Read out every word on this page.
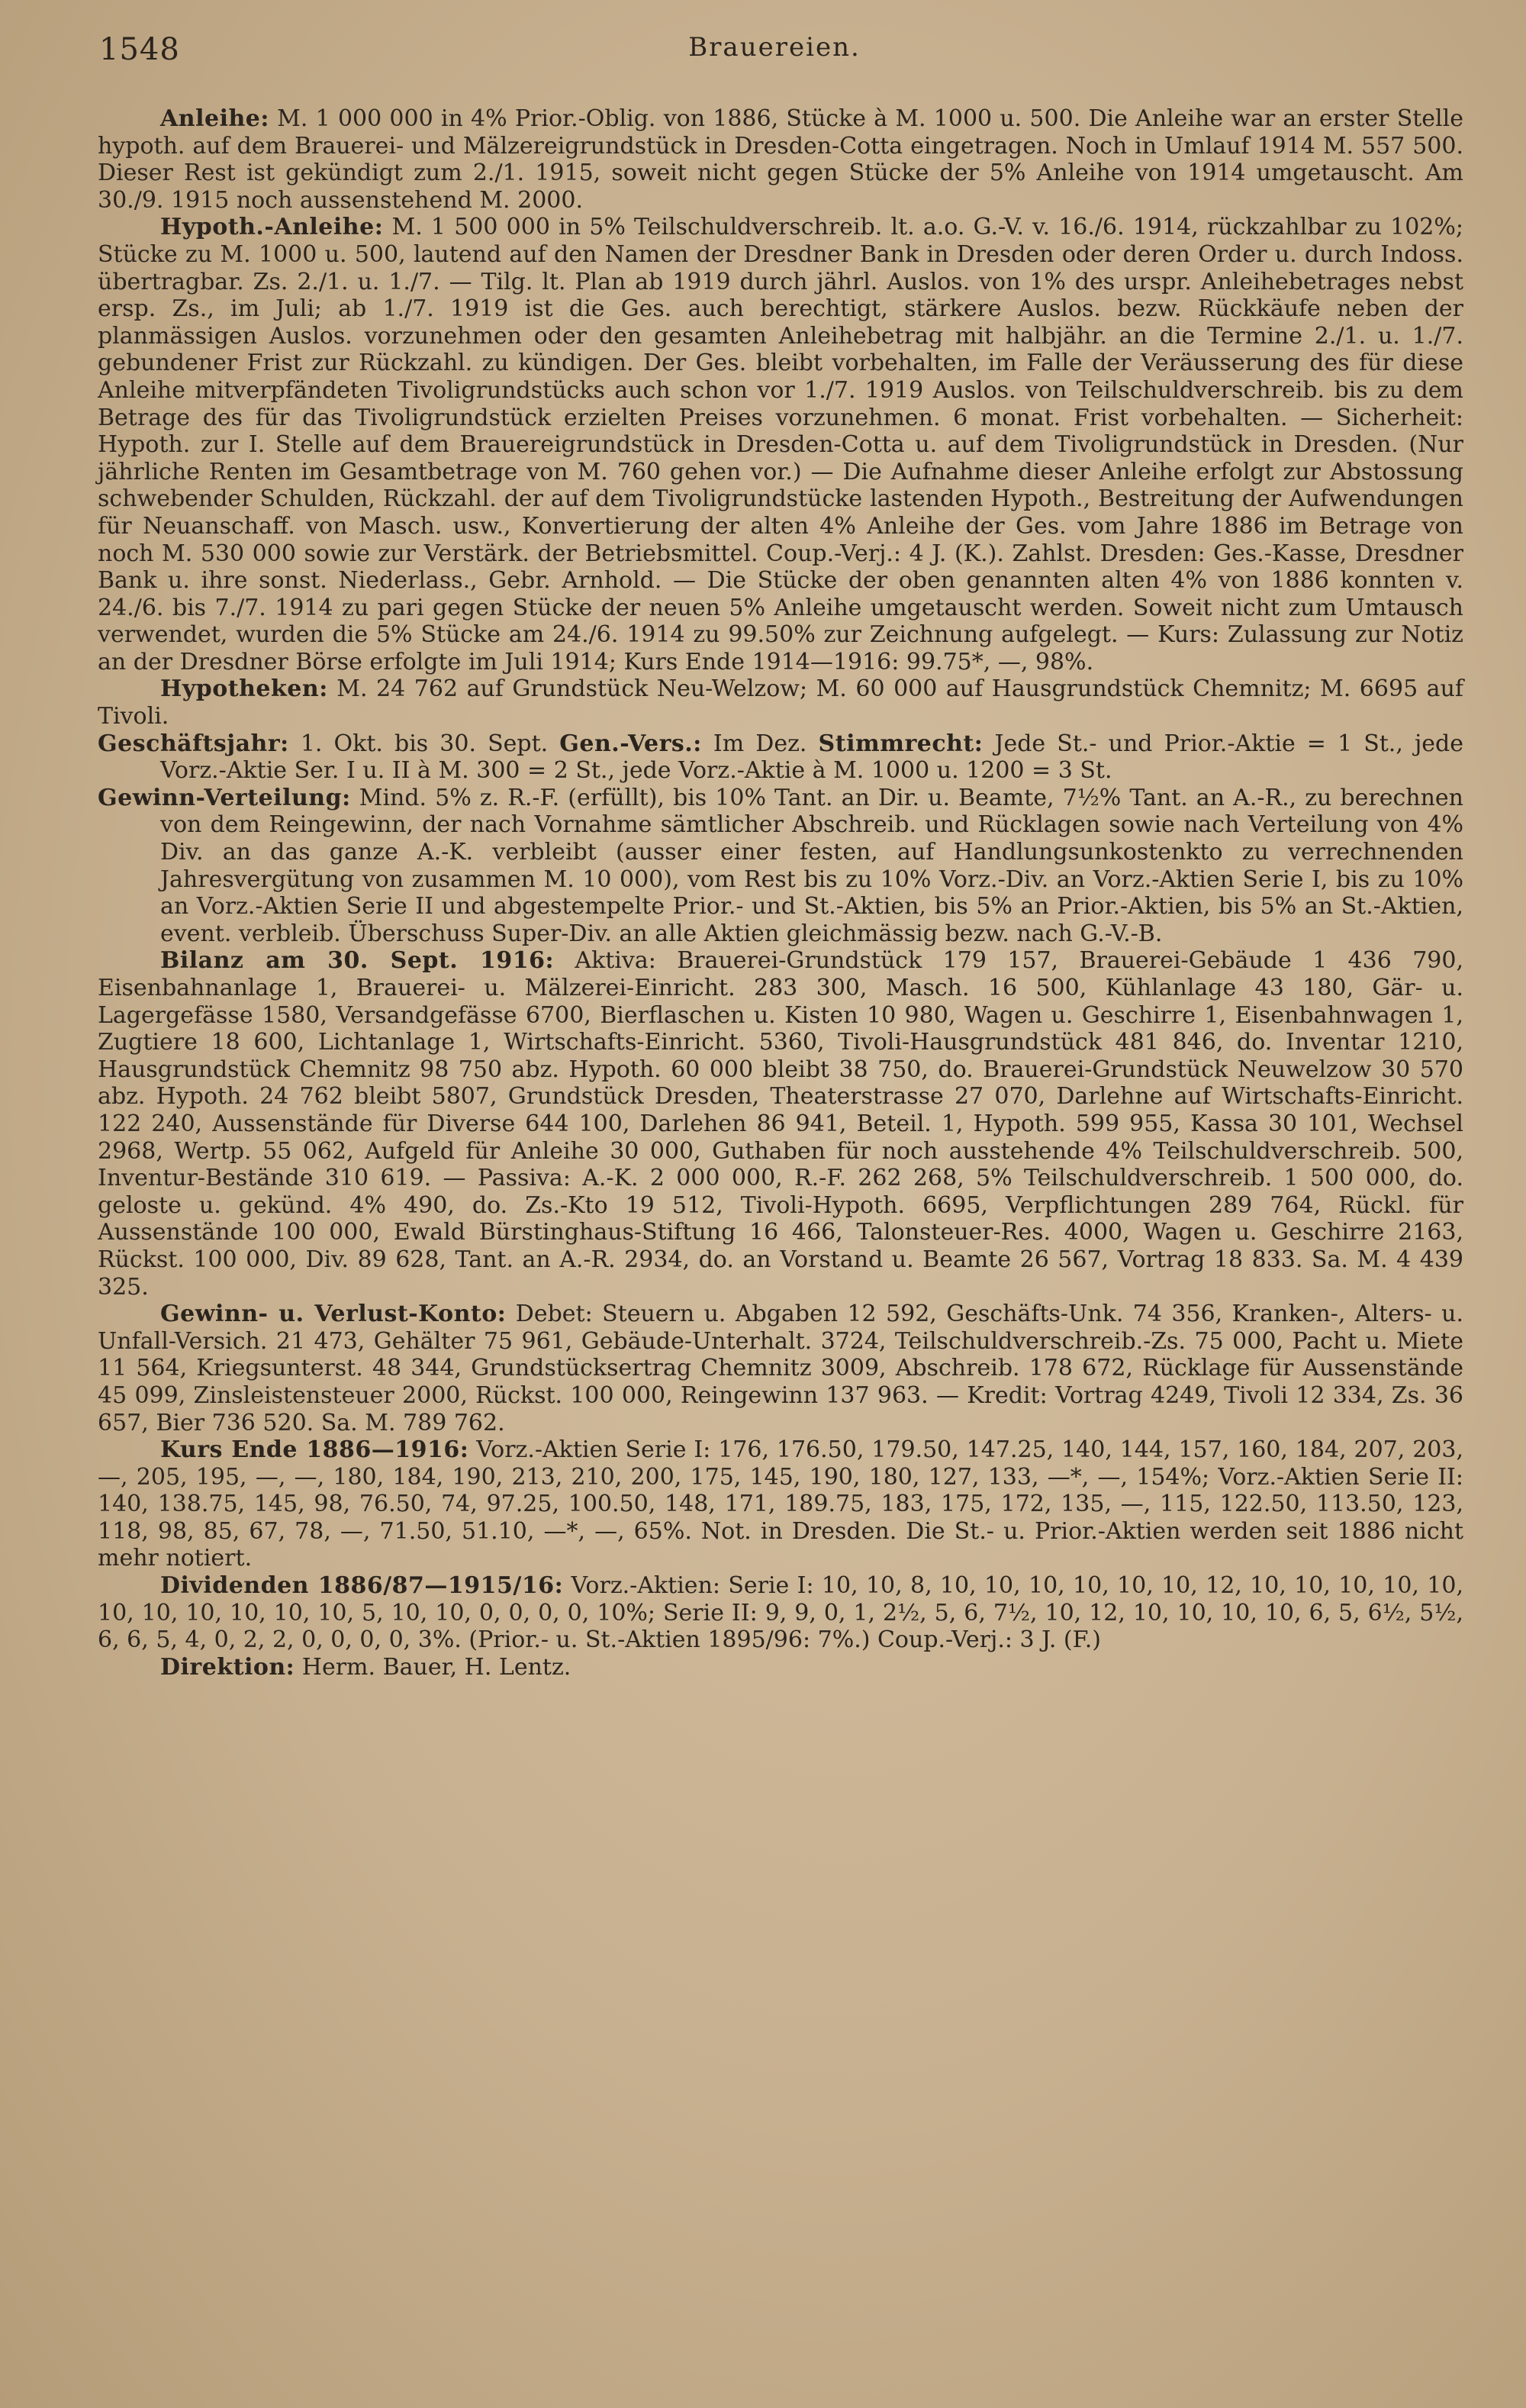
1548	Brauereien.

Anleihe: M. 1 000 000 in 4% Prior.-Oblig. von 1886, Stücke à M. 1000 u. 500. Die Anleihe war an erster Stelle hypoth. auf dem Brauerei- und Mälzereigrundstück in Dresden-Cotta eingetragen. Noch in Umlauf 1914 M. 557 500. Dieser Rest ist gekündigt zum 2./1. 1915, soweit nicht gegen Stücke der 5% Anleihe von 1914 umgetauscht. Am 30./9. 1915 noch aussenstehend M. 2000.

Hypoth.-Anleihe: M. 1 500 000 in 5% Teilschuldverschreib. lt. a.o. G.-V. v. 16./6. 1914, rückzahlbar zu 102%; Stücke zu M. 1000 u. 500, lautend auf den Namen der Dresdner Bank in Dresden oder deren Order u. durch Indoss. übertragbar. Zs. 2./1. u. 1./7. — Tilg. lt. Plan ab 1919 durch jährl. Auslos. von 1% des urspr. Anleihebetrages nebst ersp. Zs., im Juli; ab 1./7. 1919 ist die Ges. auch berechtigt, stärkere Auslos. bezw. Rückkäufe neben der planmässigen Auslos. vorzunehmen oder den gesamten Anleihebetrag mit halbjähr. an die Termine 2./1. u. 1./7. gebundener Frist zur Rückzahl. zu kündigen. Der Ges. bleibt vorbehalten, im Falle der Veräusserung des für diese Anleihe mitverpfändeten Tivoligrundstücks auch schon vor 1./7. 1919 Auslos. von Teilschuldverschreib. bis zu dem Betrage des für das Tivoligrundstück erzielten Preises vorzunehmen. 6 monat. Frist vorbehalten. — Sicherheit: Hypoth. zur I. Stelle auf dem Brauereigrundstück in Dresden-Cotta u. auf dem Tivoligrundstück in Dresden. (Nur jährliche Renten im Gesamtbetrage von M. 760 gehen vor.) — Die Aufnahme dieser Anleihe erfolgt zur Abstossung schwebender Schulden, Rückzahl. der auf dem Tivoligrundstücke lastenden Hypoth., Bestreitung der Aufwendungen für Neuanschaff. von Masch. usw., Konvertierung der alten 4% Anleihe der Ges. vom Jahre 1886 im Betrage von noch M. 530 000 sowie zur Verstärk. der Betriebsmittel. Coup.-Verj.: 4 J. (K.). Zahlst. Dresden: Ges.-Kasse, Dresdner Bank u. ihre sonst. Niederlass., Gebr. Arnhold. — Die Stücke der oben genannten alten 4% von 1886 konnten v. 24./6. bis 7./7. 1914 zu pari gegen Stücke der neuen 5% Anleihe umgetauscht werden. Soweit nicht zum Umtausch verwendet, wurden die 5% Stücke am 24./6. 1914 zu 99.50% zur Zeichnung aufgelegt. — Kurs: Zulassung zur Notiz an der Dresdner Börse erfolgte im Juli 1914; Kurs Ende 1914—1916: 99.75*, —, 98%.

Hypotheken: M. 24 762 auf Grundstück Neu-Welzow; M. 60 000 auf Hausgrundstück Chemnitz; M. 6695 auf Tivoli.

Geschäftsjahr: 1. Okt. bis 30. Sept. Gen.-Vers.: Im Dez. Stimmrecht: Jede St.- und Prior.-Aktie = 1 St., jede Vorz.-Aktie Ser. I u. II à M. 300 = 2 St., jede Vorz.-Aktie à M. 1000 u. 1200 = 3 St.

Gewinn-Verteilung: Mind. 5% z. R.-F. (erfüllt), bis 10% Tant. an Dir. u. Beamte, 7½% Tant. an A.-R., zu berechnen von dem Reingewinn, der nach Vornahme sämtlicher Abschreib. und Rücklagen sowie nach Verteilung von 4% Div. an das ganze A.-K. verbleibt (ausser einer festen, auf Handlungsunkostenkto zu verrechnenden Jahresvergütung von zusammen M. 10 000), vom Rest bis zu 10% Vorz.-Div. an Vorz.-Aktien Serie I, bis zu 10% an Vorz.-Aktien Serie II und abgestempelte Prior.- und St.-Aktien, bis 5% an Prior.-Aktien, bis 5% an St.-Aktien, event. verbleib. Überschuss Super-Div. an alle Aktien gleichmässig bezw. nach G.-V.-B.

Bilanz am 30. Sept. 1916: Aktiva: Brauerei-Grundstück 179 157, Brauerei-Gebäude 1 436 790, Eisenbahnanlage 1, Brauerei- u. Mälzerei-Einricht. 283 300, Masch. 16 500, Kühlanlage 43 180, Gär- u. Lagergefässe 1580, Versandgefässe 6700, Bierflaschen u. Kisten 10 980, Wagen u. Geschirre 1, Eisenbahnwagen 1, Zugtiere 18 600, Lichtanlage 1, Wirtschafts-Einricht. 5360, Tivoli-Hausgrundstück 481 846, do. Inventar 1210, Hausgrundstück Chemnitz 98 750 abz. Hypoth. 60 000 bleibt 38 750, do. Brauerei-Grundstück Neuwelzow 30 570 abz. Hypoth. 24 762 bleibt 5807, Grundstück Dresden, Theaterstrasse 27 070, Darlehne auf Wirtschafts-Einricht. 122 240, Aussenstände für Diverse 644 100, Darlehen 86 941, Beteil. 1, Hypoth. 599 955, Kassa 30 101, Wechsel 2968, Wertp. 55 062, Aufgeld für Anleihe 30 000, Guthaben für noch ausstehende 4% Teilschuldverschreib. 500, Inventur-Bestände 310 619. — Passiva: A.-K. 2 000 000, R.-F. 262 268, 5% Teilschuldverschreib. 1 500 000, do. geloste u. gekünd. 4% 490, do. Zs.-Kto 19 512, Tivoli-Hypoth. 6695, Verpflichtungen 289 764, Rückl. für Aussenstände 100 000, Ewald Bürstinghaus-Stiftung 16 466, Talonsteuer-Res. 4000, Wagen u. Geschirre 2163, Rückst. 100 000, Div. 89 628, Tant. an A.-R. 2934, do. an Vorstand u. Beamte 26 567, Vortrag 18 833. Sa. M. 4 439 325.

Gewinn- u. Verlust-Konto: Debet: Steuern u. Abgaben 12 592, Geschäfts-Unk. 74 356, Kranken-, Alters- u. Unfall-Versich. 21 473, Gehälter 75 961, Gebäude-Unterhalt. 3724, Teilschuldverschreib.-Zs. 75 000, Pacht u. Miete 11 564, Kriegsunterst. 48 344, Grundstücksertrag Chemnitz 3009, Abschreib. 178 672, Rücklage für Aussenstände 45 099, Zinsleistensteuer 2000, Rückst. 100 000, Reingewinn 137 963. — Kredit: Vortrag 4249, Tivoli 12 334, Zs. 36 657, Bier 736 520. Sa. M. 789 762.

Kurs Ende 1886—1916: Vorz.-Aktien Serie I: 176, 176.50, 179.50, 147.25, 140, 144, 157, 160, 184, 207, 203, —, 205, 195, —, —, 180, 184, 190, 213, 210, 200, 175, 145, 190, 180, 127, 133, —*, —, 154%; Vorz.-Aktien Serie II: 140, 138.75, 145, 98, 76.50, 74, 97.25, 100.50, 148, 171, 189.75, 183, 175, 172, 135, —, 115, 122.50, 113.50, 123, 118, 98, 85, 67, 78, —, 71.50, 51.10, —*, —, 65%. Not. in Dresden. Die St.- u. Prior.-Aktien werden seit 1886 nicht mehr notiert.

Dividenden 1886/87—1915/16: Vorz.-Aktien: Serie I: 10, 10, 8, 10, 10, 10, 10, 10, 10, 12, 10, 10, 10, 10, 10, 10, 10, 10, 10, 10, 10, 5, 10, 10, 0, 0, 0, 0, 10%; Serie II: 9, 9, 0, 1, 2½, 5, 6, 7½, 10, 12, 10, 10, 10, 10, 6, 5, 6½, 5½, 6, 6, 5, 4, 0, 2, 2, 0, 0, 0, 0, 3%. (Prior.- u. St.-Aktien 1895/96: 7%.) Coup.-Verj.: 3 J. (F.)

Direktion: Herm. Bauer, H. Lentz.
